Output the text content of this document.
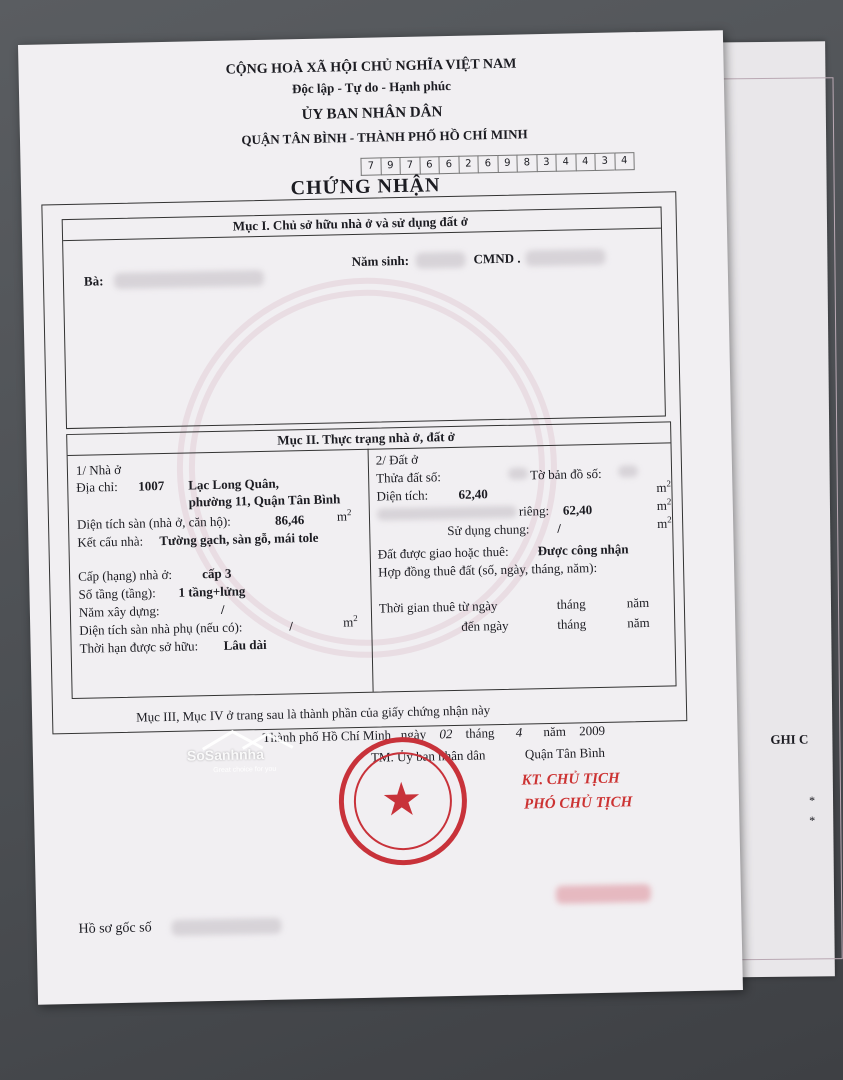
GHI C
*
*
CỘNG HOÀ XÃ HỘI CHỦ NGHĨA VIỆT NAM
Độc lập - Tự do - Hạnh phúc
ỦY BAN NHÂN DÂN
QUẬN TÂN BÌNH - THÀNH PHỐ HỒ CHÍ MINH
7	9	7	6	6	2	6	9	8	3	4	4	3	4
CHỨNG NHẬN
Mục I. Chủ sở hữu nhà ở và sử dụng đất ở
Bà:
Năm sinh:	CMND .
Mục II. Thực trạng nhà ở, đất ở
1/ Nhà ở
Địa chỉ: 1007 Lạc Long Quân,
phường 11, Quận Tân Bình
Diện tích sàn (nhà ở, căn hộ):	86,46 $m^2$
Kết cấu nhà: Tường gạch, sàn gỗ, mái tole
Cấp (hạng) nhà ở: cấp 3
Số tầng (tầng): 1 tầng+lửng
Năm xây dựng:	/
Diện tích sàn nhà phụ (nếu có):	/	$m^2$
Thời hạn được sở hữu: Lâu dài
2/ Đất ở
Thửa đất số:	Tờ bản đồ số:
Diện tích: 62,40	$m^2$
riêng: 62,40	$m^2$
Sử dụng chung: /	$m^2$
Đất được giao hoặc thuê: Được công nhận
Hợp đồng thuê đất (số, ngày, tháng, năm):
Thời gian thuê từ ngày	tháng	năm
đến ngày	tháng	năm
Mục III, Mục IV ở trang sau là thành phần của giấy chứng nhận này
Thành phố Hồ Chí Minh , ngày 02 tháng 4 năm 2009
TM. Ủy ban nhân dân	Quận Tân Bình
★	KT. CHỦ TỊCH
PHÓ CHỦ TỊCH
Hồ sơ gốc số
SoSanhnha
Great choice for you
